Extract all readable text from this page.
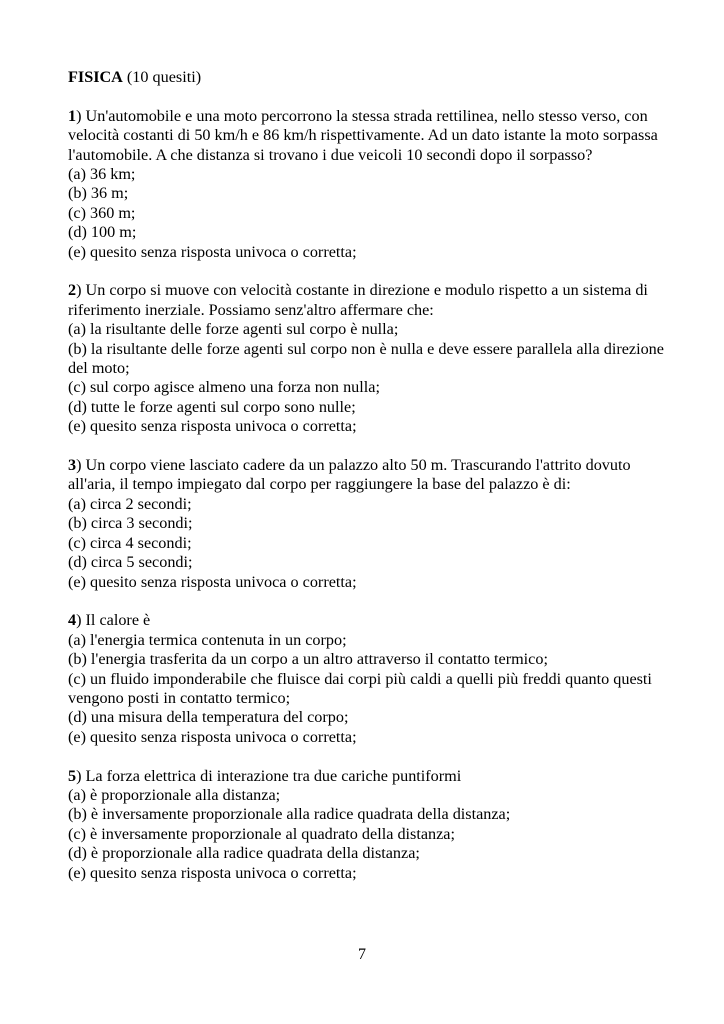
FISICA (10 quesiti)
1) Un'automobile e una moto percorrono la stessa strada rettilinea, nello stesso verso, con velocità costanti di 50 km/h e 86 km/h rispettivamente. Ad un dato istante la moto sorpassa l'automobile. A che distanza si trovano i due veicoli 10 secondi dopo il sorpasso?
(a) 36 km;
(b) 36 m;
(c) 360 m;
(d) 100 m;
(e) quesito senza risposta univoca o corretta;
2) Un corpo si muove con velocità costante in direzione e modulo rispetto a un sistema di riferimento inerziale. Possiamo senz'altro affermare che:
(a) la risultante delle forze agenti sul corpo è nulla;
(b) la risultante delle forze agenti sul corpo non è nulla e deve essere parallela alla direzione del moto;
(c) sul corpo agisce almeno una forza non nulla;
(d) tutte le forze agenti sul corpo sono nulle;
(e) quesito senza risposta univoca o corretta;
3) Un corpo viene lasciato cadere da un palazzo alto 50 m. Trascurando l'attrito dovuto all'aria, il tempo impiegato dal corpo per raggiungere la base del palazzo è di:
(a) circa 2 secondi;
(b) circa 3 secondi;
(c) circa 4 secondi;
(d) circa 5 secondi;
(e) quesito senza risposta univoca o corretta;
4) Il calore è
(a) l'energia termica contenuta in un corpo;
(b) l'energia trasferita da un corpo a un altro attraverso il contatto termico;
(c) un fluido imponderabile che fluisce dai corpi più caldi a quelli più freddi quanto questi vengono posti in contatto termico;
(d) una misura della temperatura del corpo;
(e) quesito senza risposta univoca o corretta;
5) La forza elettrica di interazione tra due cariche puntiformi
(a) è proporzionale alla distanza;
(b) è inversamente proporzionale alla radice quadrata della distanza;
(c) è inversamente proporzionale al quadrato della distanza;
(d) è proporzionale alla radice quadrata della distanza;
(e) quesito senza risposta univoca o corretta;
7
